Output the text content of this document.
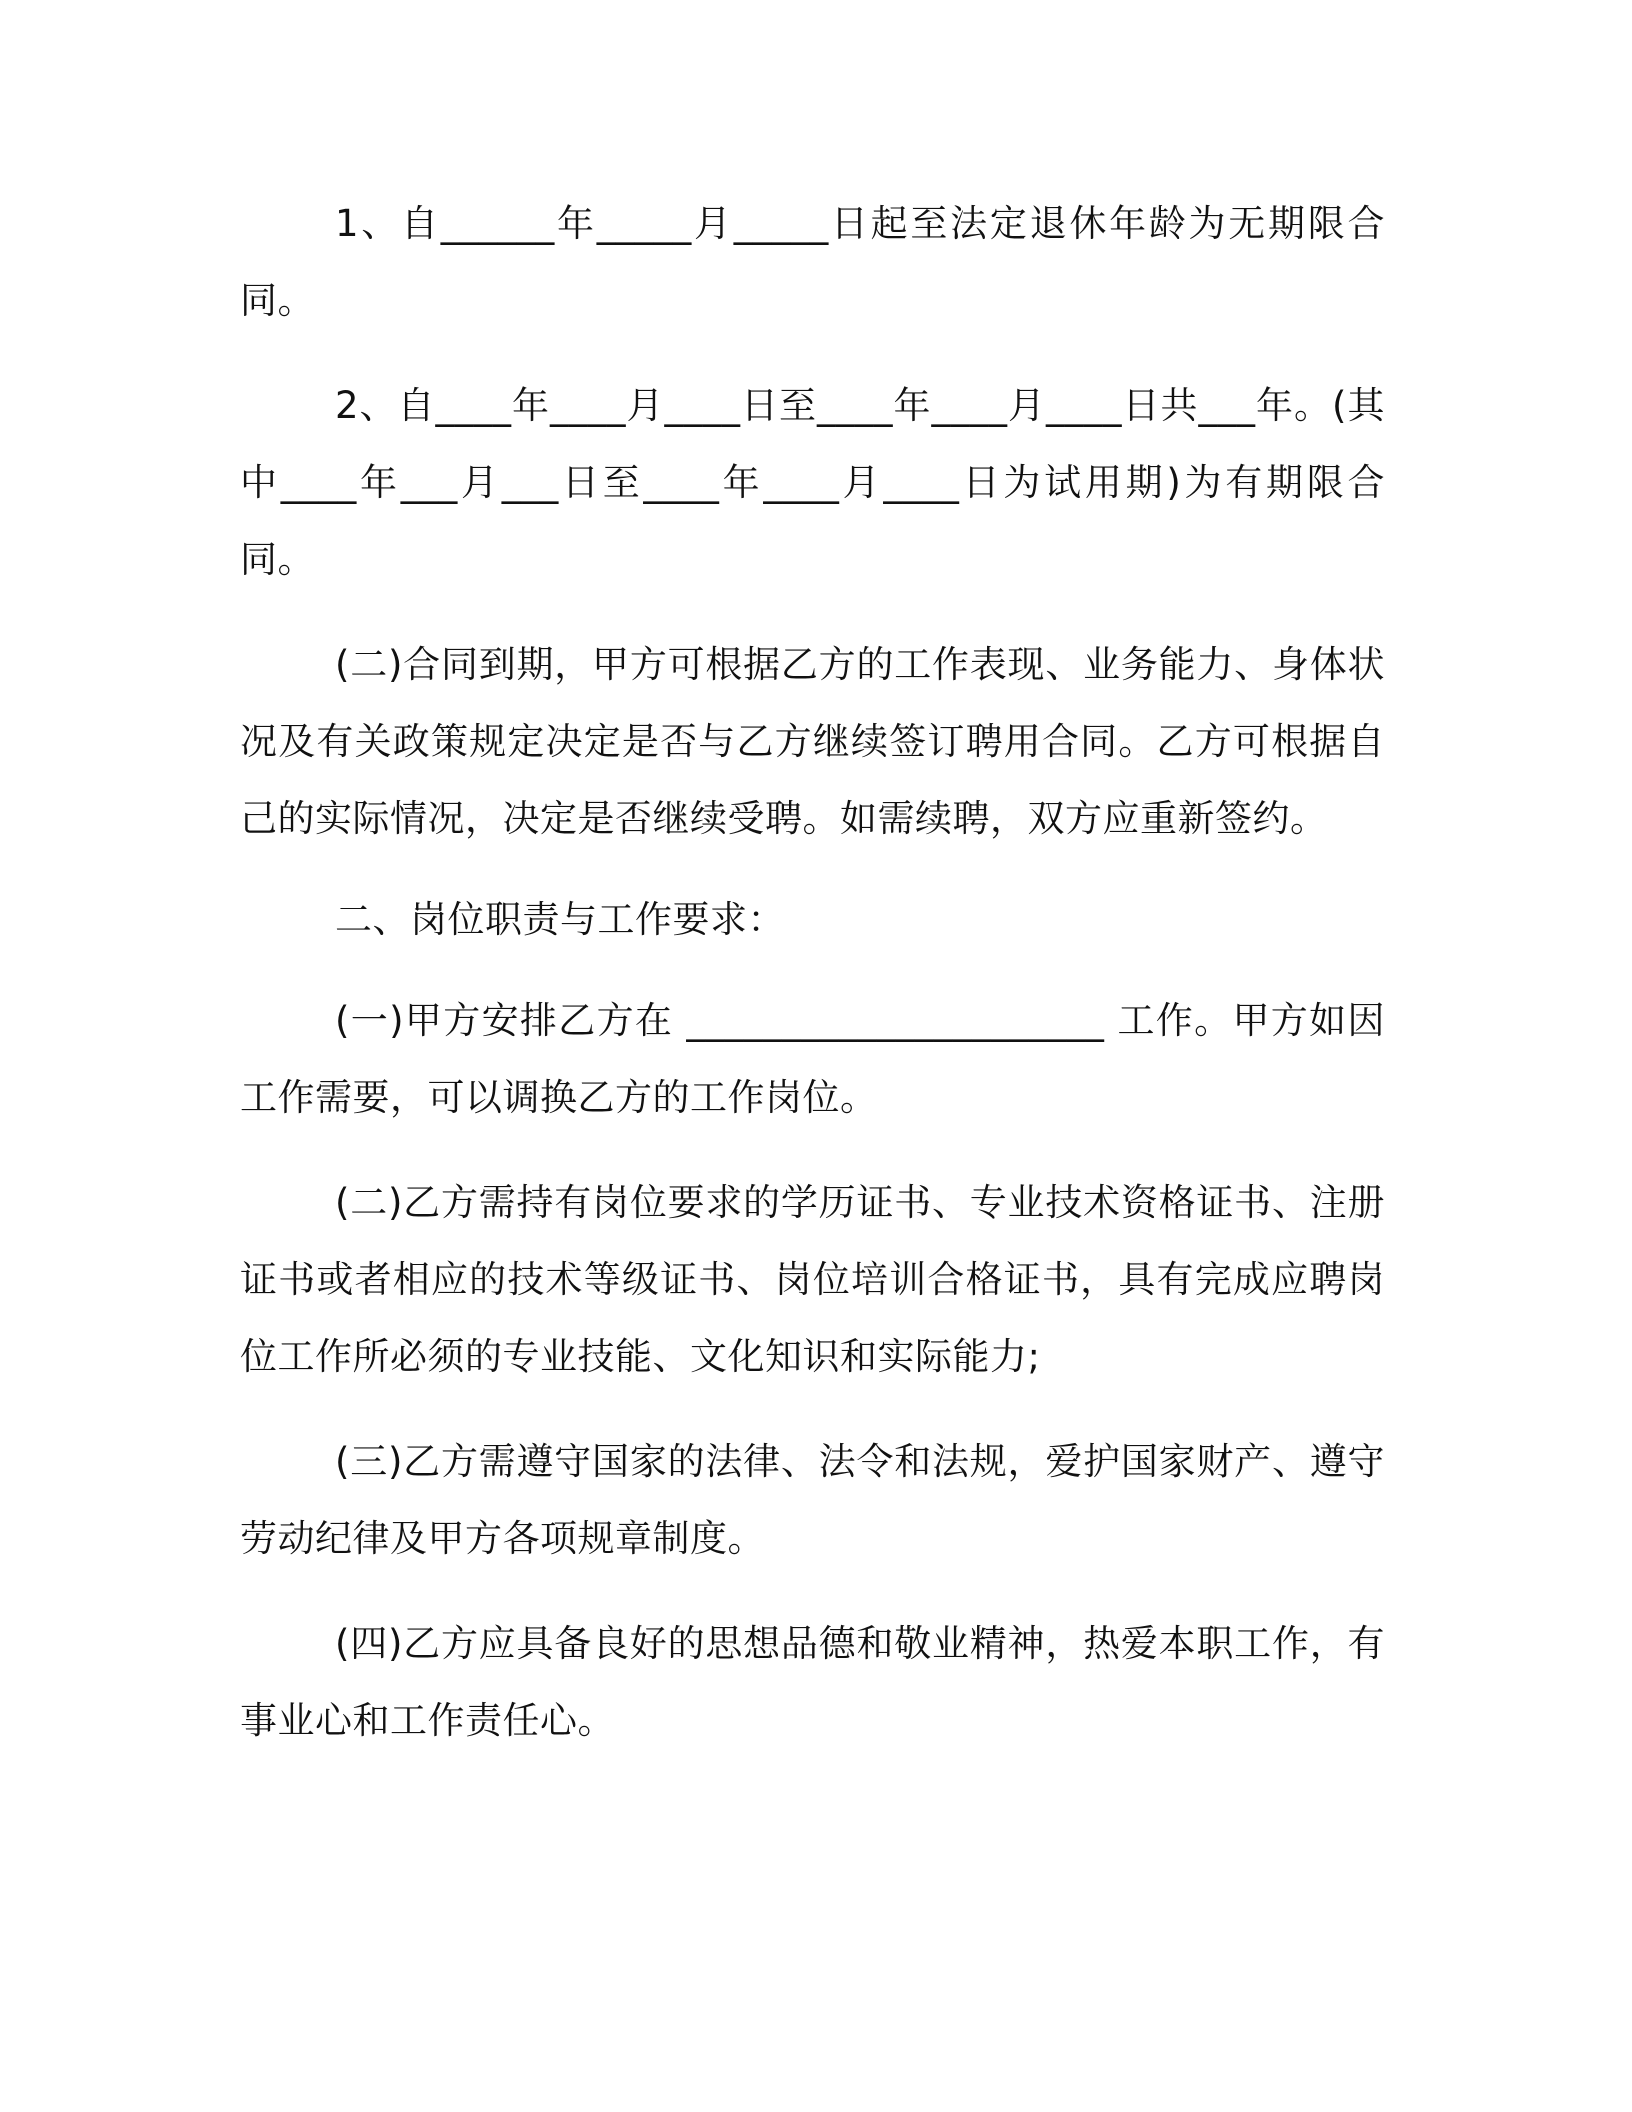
1、自______年_____月_____日起至法定退休年龄为无期限合同。

2、自____年____月____日至____年____月____日共___年。(其中____年___月___日至____年____月____日为试用期)为有期限合同。

(二)合同到期，甲方可根据乙方的工作表现、业务能力、身体状况及有关政策规定决定是否与乙方继续签订聘用合同。乙方可根据自己的实际情况，决定是否继续受聘。如需续聘，双方应重新签约。

二、岗位职责与工作要求：

(一)甲方安排乙方在 ______________________ 工作。甲方如因工作需要，可以调换乙方的工作岗位。

(二)乙方需持有岗位要求的学历证书、专业技术资格证书、注册证书或者相应的技术等级证书、岗位培训合格证书，具有完成应聘岗位工作所必须的专业技能、文化知识和实际能力;

(三)乙方需遵守国家的法律、法令和法规，爱护国家财产、遵守劳动纪律及甲方各项规章制度。

(四)乙方应具备良好的思想品德和敬业精神，热爱本职工作，有事业心和工作责任心。
